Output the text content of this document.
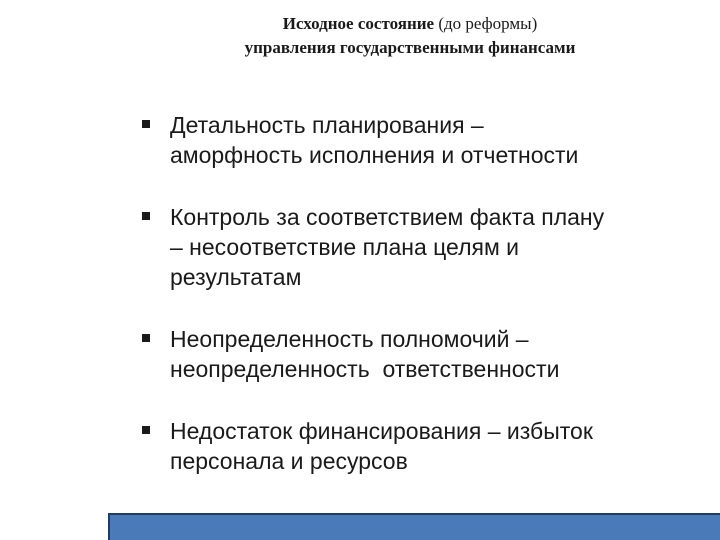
Исходное состояние (до реформы)
управления государственными финансами
Детальность планирования –
аморфность исполнения и отчетности
Контроль за соответствием факта плану
– несоответствие плана целям и
результатам
Неопределенность полномочий –
неопределенность  ответственности
Недостаток финансирования – избыток
персонала и ресурсов
